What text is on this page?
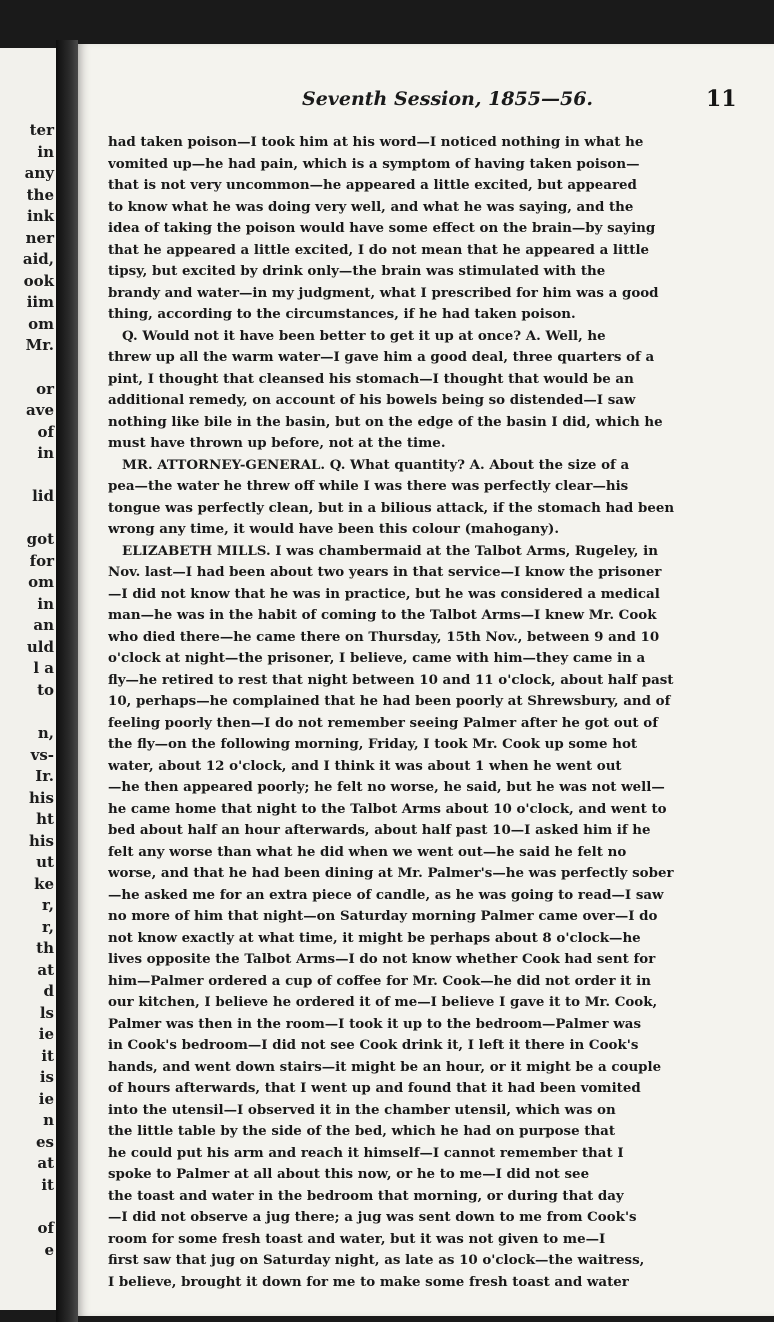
ter
in
any
the
ink
ner
aid,
ook
iim
om
Mr.
or
ave
of
in
lid
got
for
om
in
an
uld
l a
to
n,
vs-
Ir.
his
ht
his
ut
ke
r,
r,
th
at
d
ls
ie
it
is
ie
n
es
at
it
of
e
Seventh Session, 1855—56.	11
had taken poison—I took him at his word—I noticed nothing in what he
vomited up—he had pain, which is a symptom of having taken poison—
that is not very uncommon—he appeared a little excited, but appeared
to know what he was doing very well, and what he was saying, and the
idea of taking the poison would have some effect on the brain—by saying
that he appeared a little excited, I do not mean that he appeared a little
tipsy, but excited by drink only—the brain was stimulated with the
brandy and water—in my judgment, what I prescribed for him was a good
thing, according to the circumstances, if he had taken poison.
Q. Would not it have been better to get it up at once? A. Well, he
threw up all the warm water—I gave him a good deal, three quarters of a
pint, I thought that cleansed his stomach—I thought that would be an
additional remedy, on account of his bowels being so distended—I saw
nothing like bile in the basin, but on the edge of the basin I did, which he
must have thrown up before, not at the time.
MR. ATTORNEY-GENERAL. Q. What quantity? A. About the size of a
pea—the water he threw off while I was there was perfectly clear—his
tongue was perfectly clean, but in a bilious attack, if the stomach had been
wrong any time, it would have been this colour (mahogany).
ELIZABETH MILLS. I was chambermaid at the Talbot Arms, Rugeley, in
Nov. last—I had been about two years in that service—I know the prisoner
—I did not know that he was in practice, but he was considered a medical
man—he was in the habit of coming to the Talbot Arms—I knew Mr. Cook
who died there—he came there on Thursday, 15th Nov., between 9 and 10
o'clock at night—the prisoner, I believe, came with him—they came in a
fly—he retired to rest that night between 10 and 11 o'clock, about half past
10, perhaps—he complained that he had been poorly at Shrewsbury, and of
feeling poorly then—I do not remember seeing Palmer after he got out of
the fly—on the following morning, Friday, I took Mr. Cook up some hot
water, about 12 o'clock, and I think it was about 1 when he went out
—he then appeared poorly; he felt no worse, he said, but he was not well—
he came home that night to the Talbot Arms about 10 o'clock, and went to
bed about half an hour afterwards, about half past 10—I asked him if he
felt any worse than what he did when we went out—he said he felt no
worse, and that he had been dining at Mr. Palmer's—he was perfectly sober
—he asked me for an extra piece of candle, as he was going to read—I saw
no more of him that night—on Saturday morning Palmer came over—I do
not know exactly at what time, it might be perhaps about 8 o'clock—he
lives opposite the Talbot Arms—I do not know whether Cook had sent for
him—Palmer ordered a cup of coffee for Mr. Cook—he did not order it in
our kitchen, I believe he ordered it of me—I believe I gave it to Mr. Cook,
Palmer was then in the room—I took it up to the bedroom—Palmer was
in Cook's bedroom—I did not see Cook drink it, I left it there in Cook's
hands, and went down stairs—it might be an hour, or it might be a couple
of hours afterwards, that I went up and found that it had been vomited
into the utensil—I observed it in the chamber utensil, which was on
the little table by the side of the bed, which he had on purpose that
he could put his arm and reach it himself—I cannot remember that I
spoke to Palmer at all about this now, or he to me—I did not see
the toast and water in the bedroom that morning, or during that day
—I did not observe a jug there; a jug was sent down to me from Cook's
room for some fresh toast and water, but it was not given to me—I
first saw that jug on Saturday night, as late as 10 o'clock—the waitress,
I believe, brought it down for me to make some fresh toast and water
